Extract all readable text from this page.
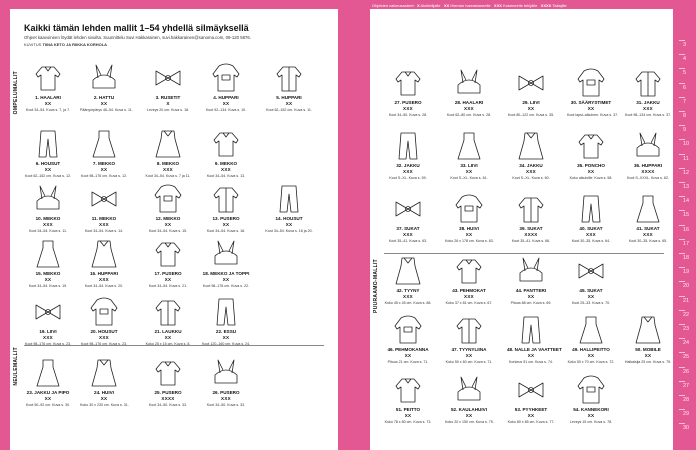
Kaikki tämän lehden mallit 1–54 yhdellä silmäyksellä
Ohjeet kaavoineen löydät lehden sivuilta. Suunnittelu Suvi Hakkarainen, suvi.hakkarainen@sanoma.com, 09-120 5876.
KUVITUS TIINA KETO JA RIIKKA KORHOLA
OMPELUMALLIT
NEULEMALLIT
1. HAALARI
XX
Koot 34–54. Kuva s. 7, ja 7.
2. HATTU
XX
Päänympärys 46–54. Kuva s. 11.
3. RUSETIT
X
Leveys 20 cm. Kuva s. 18.
4. HUPPARI
XX
Koot 92–134. Kuva s. 10.
5. HUPPARI
XX
Koot 62–152 cm. Kuva s. 11.
6. HOUSUT
XX
Koot 62–152 cm. Kuva s. 12.
7. MEKKO
XX
Koot 98–176 cm. Kuva s. 12.
8. MEKKO
XXX
Koot 34–54. Kuva s. 7 ja 11.
9. MEKKO
XXX
Koot 34–54. Kuva s. 13.
10. MEKKO
XXX
Koot 34–54. Kuva s. 11.
11. MEKKO
XXX
Koot 34–54. Kuva s. 14.
12. MEKKO
XX
Koot 34–54. Kuva s. 15.
13. PUSERO
XX
Koot 34–54. Kuva s. 18.
14. HOUSUT
XX
Koot 34–54. Kuva s. 18 ja 20.
15. MEKKO
XX
Koot 34–54. Kuva s. 19.
16. HUPPARI
XXX
Koot 34–54. Kuva s. 20.
17. PUSERO
XX
Koot 34–54. Kuva s. 21.
18. MEKKO JA TOPPI
XX
Koot 98–176 cm. Kuva s. 22.
19. LIIVI
XXX
Koot 98–176 cm. Kuva s. 23.
20. HOUSUT
XXX
Koot 98–176 cm. Kuva s. 23.
21. LAUKKU
XX
Koko 25 x 15 cm. Kuva s. 8.
22. ESSU
XX
Koot 120–160 cm. Kuva s. 24.
23. JAKKU JA PIPO
XX
Koot 50–92 cm. Kuva s. 30.
24. HUIVI
XX
Koko 30 x 230 cm. Kuva s. 31.
25. PUSERO
XXXX
Koot 34–50. Kuva s. 33.
26. PUSERO
XXX
Koot 34–50. Kuva s. 33.
PUURAAMO-MALLIT
27. PUSERO
XXX
Koot 34–50. Kuva s. 28.
28. HAALARI
XXX
Koot 62–80 cm. Kuva s. 28.
29. LIIVI
XX
Koot 80–122 cm. Kuva s. 35.
30. SÄÄRYSTIMET
XX
Koot lapsi–aikuinen. Kuva s. 37.
31. JAKKU
XXX
Koot 98–134 cm. Kuva s. 37.
32. JAKKU
XXX
Koot S–XL. Kuva s. 59.
33. LIIVI
XX
Koot S–XL. Kuva s. 61.
34. JAKKU
XXX
Koot S–XL. Kuva s. 60.
35. PONCHO
XX
Koko aikuisille. Kuva s. 58.
36. HUPPARI
XXXX
Koot S–XXXL. Kuva s. 62.
37. SUKAT
XXX
Koot 35–41. Kuva s. 63.
38. HUIVI
XX
Koko 26 x 178 cm. Kuva s. 63.
39. SUKAT
XXXX
Koot 35–41. Kuva s. 66.
40. SUKAT
XXX
Koot 30–35. Kuva s. 64.
41. SUKAT
XXX
Koot 30–35. Kuva s. 65.
42. TYYNY
XXX
Koko 45 x 45 cm. Kuva s. 68.
43. PEHMOKAT
XXX
Koko 37 x 81 cm. Kuva s. 67.
44. PANTTERI
XX
Pituus 88 cm. Kuva s. 69.
45. SUKAT
XX
Koot 25–33. Kuva s. 70.
46. PEHMOKANNA
XX
Pituus 21 cm. Kuva s. 71.
47. TYYNYLIINA
XX
Koko 50 x 60 cm. Kuva s. 71.
48. NALLE JA VAATTEET
XX
Korkeus 51 cm. Kuva s. 74.
49. HALLIPEITTO
XX
Koko 50 x 70 cm. Kuva s. 72.
50. MOBILE
XX
Halkaisija 25 cm. Kuva s. 75.
51. PEITTO
XX
Koko 78 x 80 cm. Kuva s. 73.
52. KAULAHUIVI
XX
Koko 20 x 150 cm. Kuva s. 75.
53. PYYHKEET
XX
Koko 80 x 85 cm. Kuva s. 77.
54. KANNEKORI
XX
Leveys 15 cm. Kuva s. 78.
Ohjeiden vaikeusasteet: X Aloittelijalle XX Hieman harrastaneelle XXX Kokeneelle tekijälle XXXX Taitajille
3
4
5
6
7
8
9
10
11
12
13
14
15
16
17
18
19
20
21
22
23
24
25
26
27
28
29
30
